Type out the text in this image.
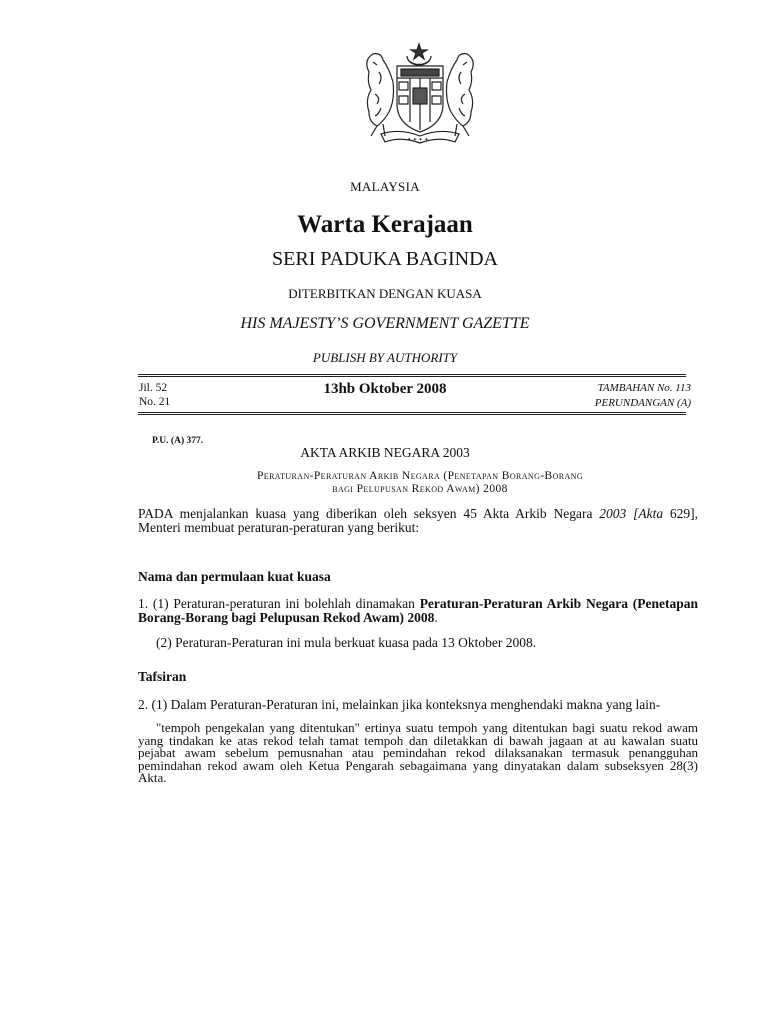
✦ ✦ ✦ ✦
MALAYSIA
Warta Kerajaan
SERI PADUKA BAGINDA
DITERBITKAN DENGAN KUASA
HIS MAJESTY’S GOVERNMENT GAZETTE
PUBLISH BY AUTHORITY
Jil. 52
No. 21
13hb Oktober 2008	TAMBAHAN No. 113
PERUNDANGAN (A)
P.U. (A) 377.
AKTA ARKIB NEGARA 2003
Peraturan-Peraturan Arkib Negara (Penetapan Borang-Borang
bagi Pelupusan Rekod Awam) 2008
PADA menjalankan kuasa yang diberikan oleh seksyen 45 Akta Arkib Negara 2003 [Akta 629], Menteri membuat peraturan-peraturan yang berikut:
Nama dan permulaan kuat kuasa
1. (1) Peraturan-peraturan ini bolehlah dinamakan Peraturan-Peraturan Arkib Negara (Penetapan Borang-Borang bagi Pelupusan Rekod Awam) 2008.
(2) Peraturan-Peraturan ini mula berkuat kuasa pada 13 Oktober 2008.
Tafsiran
2. (1) Dalam Peraturan-Peraturan ini, melainkan jika konteksnya menghendaki makna yang lain-
"tempoh pengekalan yang ditentukan" ertinya suatu tempoh yang ditentukan bagi suatu rekod awam yang tindakan ke atas rekod telah tamat tempoh dan diletakkan di bawah jagaan at au kawalan suatu pejabat awam sebelum pemusnahan atau pemindahan rekod dilaksanakan termasuk penangguhan pemindahan rekod awam oleh Ketua Pengarah sebagaimana yang dinyatakan dalam subseksyen 28(3) Akta.
